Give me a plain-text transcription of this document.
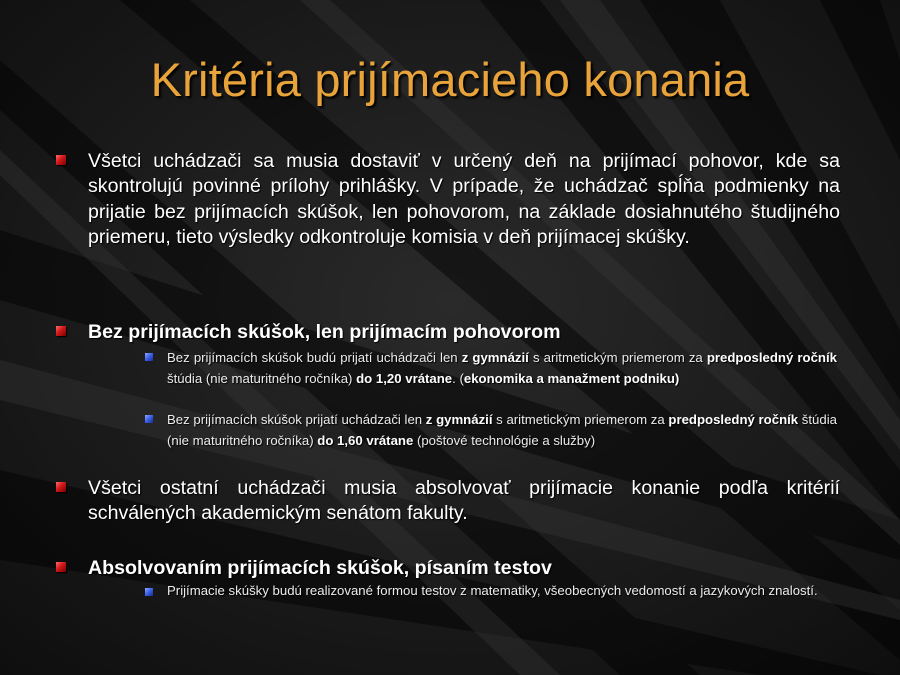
Kritéria prijímacieho konania
Všetci uchádzači sa musia dostaviť v určený deň na prijímací pohovor, kde sa skontrolujú povinné prílohy prihlášky. V prípade, že uchádzač spĺňa podmienky na prijatie bez prijímacích skúšok, len pohovorom, na základe dosiahnutého študijného priemeru, tieto výsledky odkontroluje komisia v deň prijímacej skúšky.
Bez prijímacích skúšok, len prijímacím pohovorom
Bez prijímacích skúšok budú prijatí uchádzači len z gymnázií s aritmetickým priemerom za predposledný ročník štúdia (nie maturitného ročníka) do 1,20 vrátane. (ekonomika a manažment podniku)
Bez prijímacích skúšok prijatí uchádzači len z gymnázií s aritmetickým priemerom za predposledný ročník štúdia (nie maturitného ročníka) do 1,60 vrátane (poštové technológie a služby)
Všetci ostatní uchádzači musia absolvovať prijímacie konanie podľa kritérií schválených akademickým senátom fakulty.
Absolvovaním prijímacích skúšok, písaním testov
Prijímacie skúšky budú realizované formou testov z matematiky, všeobecných vedomostí a jazykových znalostí.
